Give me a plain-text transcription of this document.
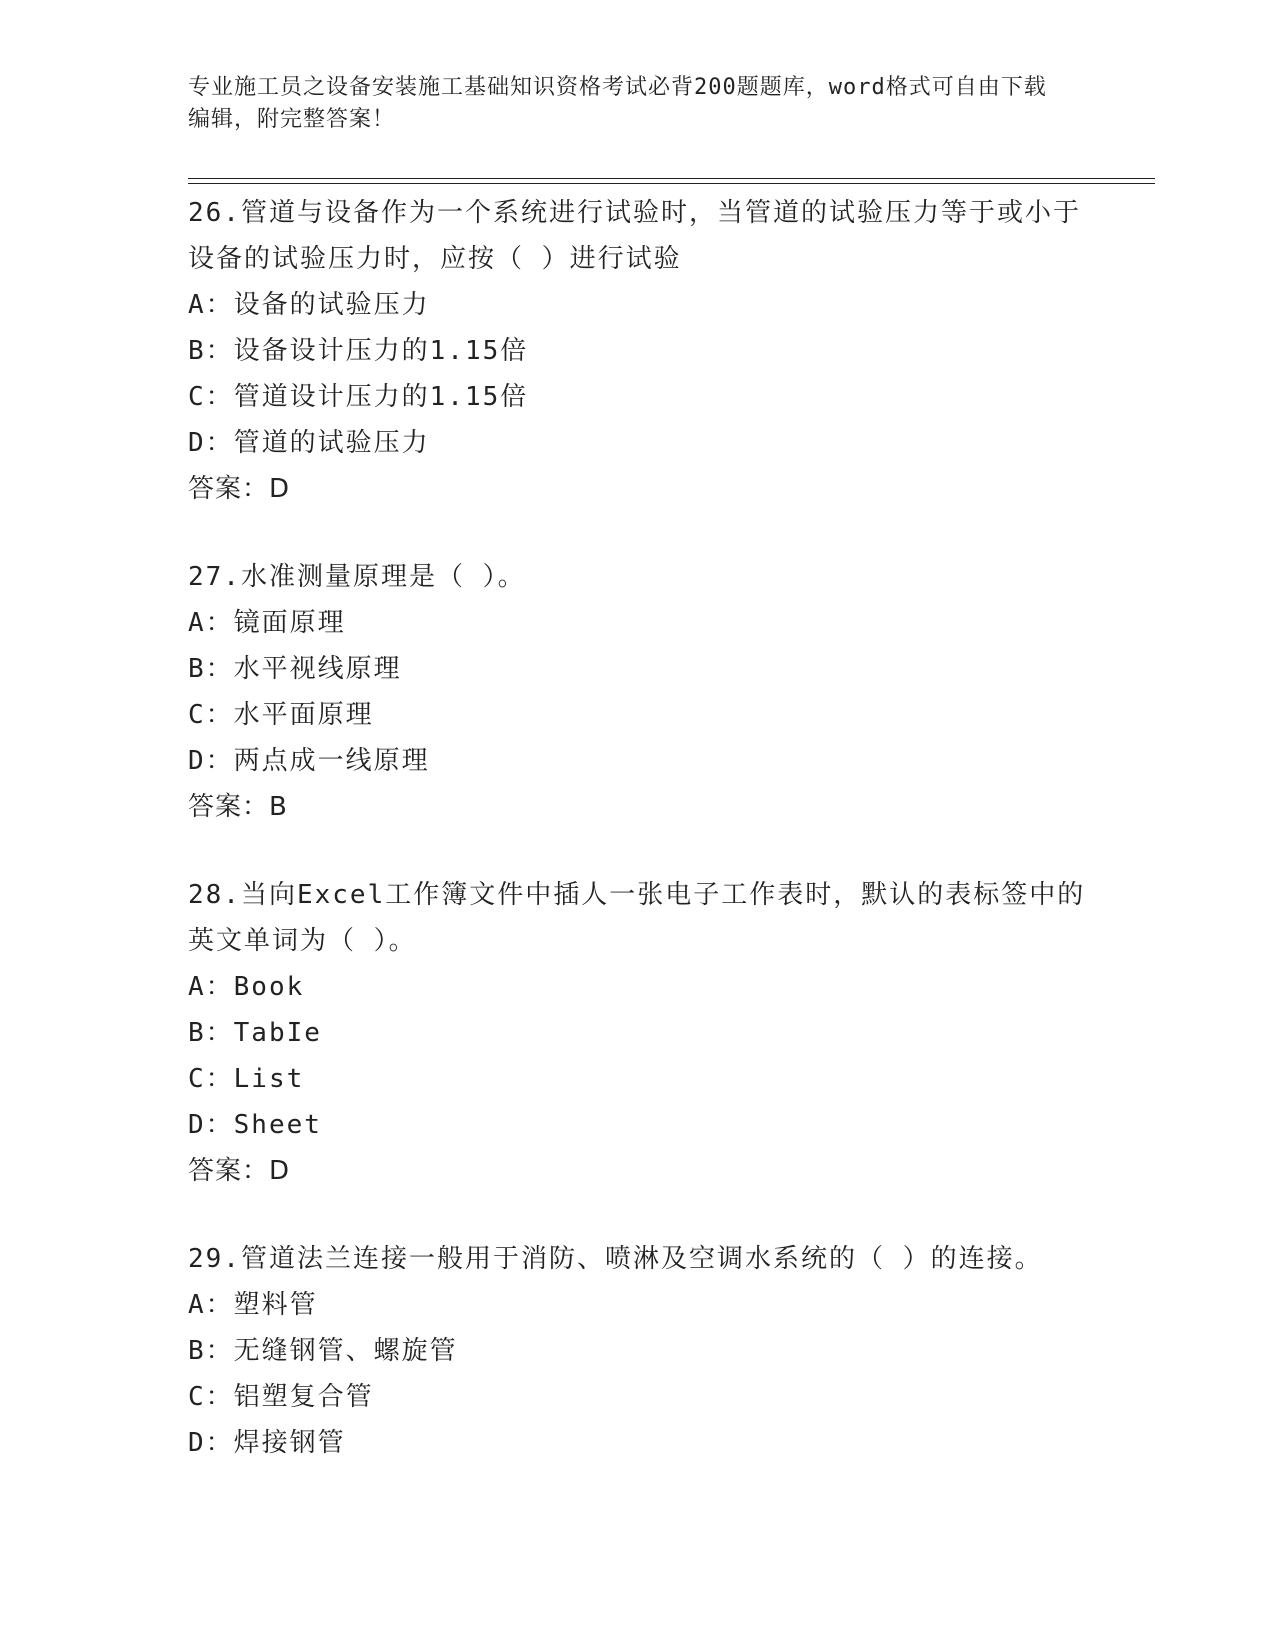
专业施工员之设备安装施工基础知识资格考试必背200题题库，word格式可自由下载编辑，附完整答案！
26.管道与设备作为一个系统进行试验时，当管道的试验压力等于或小于设备的试验压力时，应按（ ）进行试验
A：设备的试验压力
B：设备设计压力的1.15倍
C：管道设计压力的1.15倍
D：管道的试验压力
答案：D
27.水准测量原理是（ ）。
A：镜面原理
B：水平视线原理
C：水平面原理
D：两点成一线原理
答案：B
28.当向Excel工作簿文件中插人一张电子工作表时，默认的表标签中的英文单词为（ ）。
A：Book
B：TabIe
C：List
D：Sheet
答案：D
29.管道法兰连接一般用于消防、喷淋及空调水系统的（ ）的连接。
A：塑料管
B：无缝钢管、螺旋管
C：铝塑复合管
D：焊接钢管
